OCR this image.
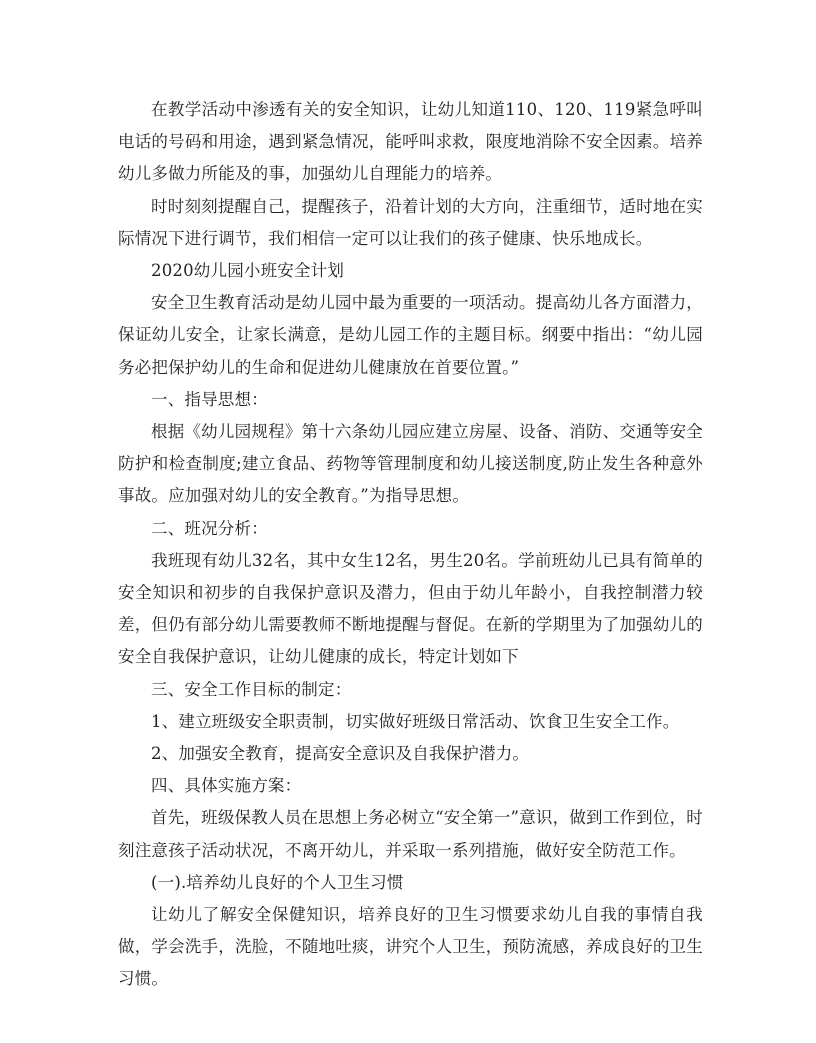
在教学活动中渗透有关的安全知识，让幼儿知道110、120、119紧急呼叫电话的号码和用途，遇到紧急情况，能呼叫求救，限度地消除不安全因素。培养幼儿多做力所能及的事，加强幼儿自理能力的培养。

时时刻刻提醒自己，提醒孩子，沿着计划的大方向，注重细节，适时地在实际情况下进行调节，我们相信一定可以让我们的孩子健康、快乐地成长。

2020幼儿园小班安全计划

安全卫生教育活动是幼儿园中最为重要的一项活动。提高幼儿各方面潜力，保证幼儿安全，让家长满意，是幼儿园工作的主题目标。纲要中指出：“幼儿园务必把保护幼儿的生命和促进幼儿健康放在首要位置。”

一、指导思想：

根据《幼儿园规程》第十六条幼儿园应建立房屋、设备、消防、交通等安全防护和检查制度;建立食品、药物等管理制度和幼儿接送制度,防止发生各种意外事故。应加强对幼儿的安全教育。”为指导思想。

二、班况分析：

我班现有幼儿32名，其中女生12名，男生20名。学前班幼儿已具有简单的安全知识和初步的自我保护意识及潜力，但由于幼儿年龄小，自我控制潜力较差，但仍有部分幼儿需要教师不断地提醒与督促。在新的学期里为了加强幼儿的安全自我保护意识，让幼儿健康的成长，特定计划如下

三、安全工作目标的制定：

1、建立班级安全职责制，切实做好班级日常活动、饮食卫生安全工作。

2、加强安全教育，提高安全意识及自我保护潜力。

四、具体实施方案：

首先，班级保教人员在思想上务必树立“安全第一”意识，做到工作到位，时刻注意孩子活动状况，不离开幼儿，并采取一系列措施，做好安全防范工作。

(一).培养幼儿良好的个人卫生习惯

让幼儿了解安全保健知识，培养良好的卫生习惯要求幼儿自我的事情自我做，学会洗手，洗脸，不随地吐痰，讲究个人卫生，预防流感，养成良好的卫生习惯。
